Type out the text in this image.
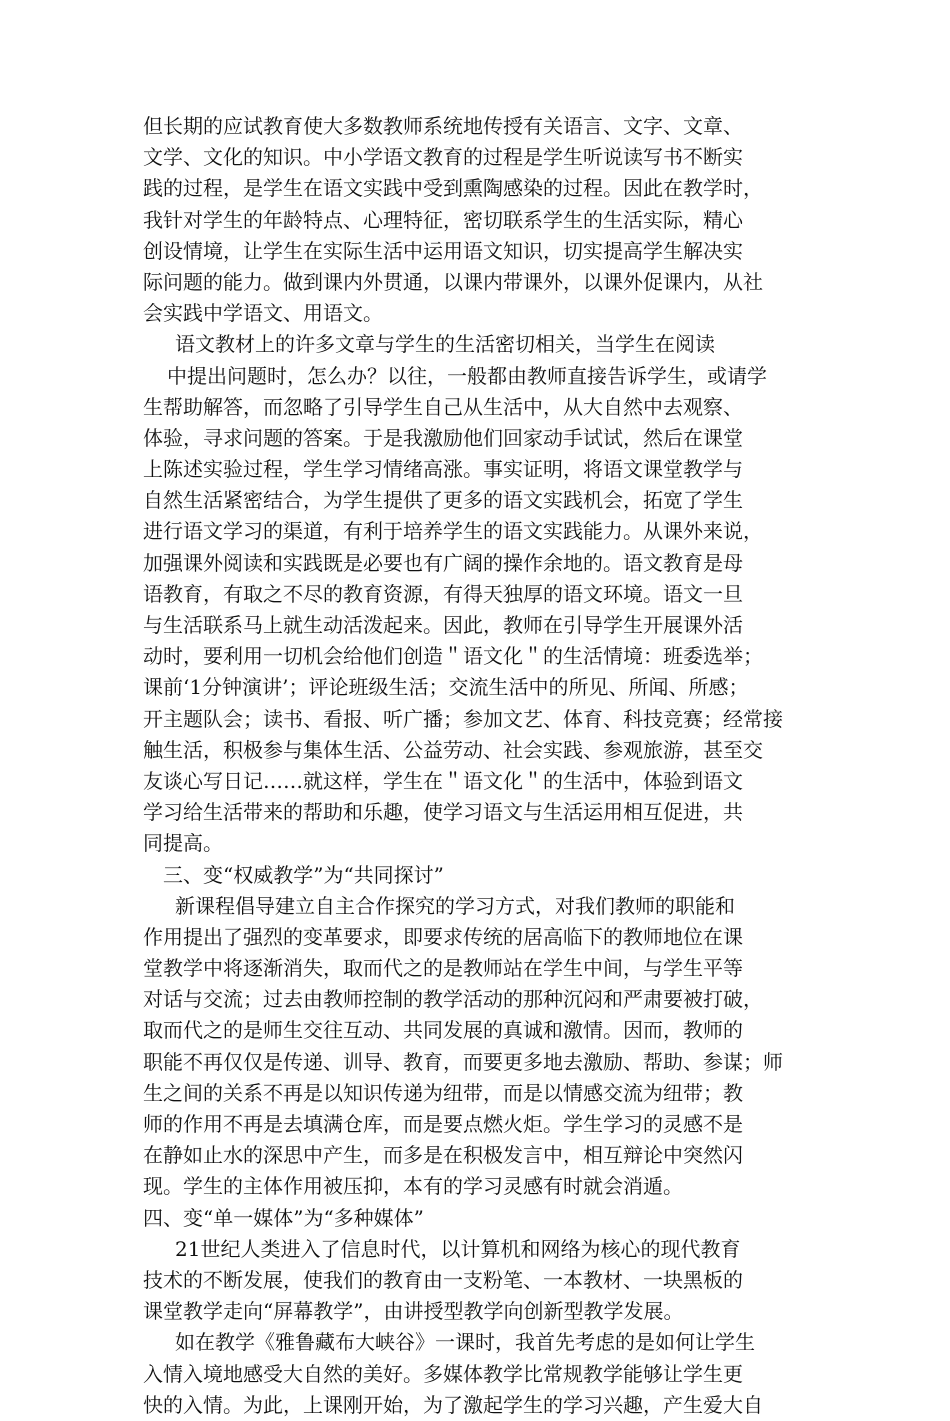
但长期的应试教育使大多数教师系统地传授有关语言、文字、文章、
文学、文化的知识。中小学语文教育的过程是学生听说读写书不断实
践的过程，是学生在语文实践中受到熏陶感染的过程。因此在教学时，
我针对学生的年龄特点、心理特征，密切联系学生的生活实际，精心
创设情境，让学生在实际生活中运用语文知识，切实提高学生解决实
际问题的能力。做到课内外贯通，以课内带课外，以课外促课内，从社
会实践中学语文、用语文。
语文教材上的许多文章与学生的生活密切相关，当学生在阅读
中提出问题时，怎么办？以往，一般都由教师直接告诉学生，或请学
生帮助解答，而忽略了引导学生自己从生活中，从大自然中去观察、
体验，寻求问题的答案。于是我激励他们回家动手试试，然后在课堂
上陈述实验过程，学生学习情绪高涨。事实证明，将语文课堂教学与
自然生活紧密结合，为学生提供了更多的语文实践机会，拓宽了学生
进行语文学习的渠道，有利于培养学生的语文实践能力。从课外来说，
加强课外阅读和实践既是必要也有广阔的操作余地的。语文教育是母
语教育，有取之不尽的教育资源，有得天独厚的语文环境。语文一旦
与生活联系马上就生动活泼起来。因此，教师在引导学生开展课外活
动时，要利用一切机会给他们创造＂语文化＂的生活情境：班委选举；
课前‘1分钟演讲’；评论班级生活；交流生活中的所见、所闻、所感；
开主题队会；读书、看报、听广播；参加文艺、体育、科技竞赛；经常接
触生活，积极参与集体生活、公益劳动、社会实践、参观旅游，甚至交
友谈心写日记……就这样，学生在＂语文化＂的生活中，体验到语文
学习给生活带来的帮助和乐趣，使学习语文与生活运用相互促进，共
同提高。
三、变“权威教学”为“共同探讨”
新课程倡导建立自主合作探究的学习方式，对我们教师的职能和
作用提出了强烈的变革要求，即要求传统的居高临下的教师地位在课
堂教学中将逐渐消失，取而代之的是教师站在学生中间，与学生平等
对话与交流；过去由教师控制的教学活动的那种沉闷和严肃要被打破，
取而代之的是师生交往互动、共同发展的真诚和激情。因而，教师的
职能不再仅仅是传递、训导、教育，而要更多地去激励、帮助、参谋；师
生之间的关系不再是以知识传递为纽带，而是以情感交流为纽带；教
师的作用不再是去填满仓库，而是要点燃火炬。学生学习的灵感不是
在静如止水的深思中产生，而多是在积极发言中，相互辩论中突然闪
现。学生的主体作用被压抑，本有的学习灵感有时就会消遁。
四、变“单一媒体”为“多种媒体”
21世纪人类进入了信息时代，以计算机和网络为核心的现代教育
技术的不断发展，使我们的教育由一支粉笔、一本教材、一块黑板的
课堂教学走向“屏幕教学”，由讲授型教学向创新型教学发展。
如在教学《雅鲁藏布大峡谷》一课时，我首先考虑的是如何让学生
入情入境地感受大自然的美好。多媒体教学比常规教学能够让学生更
快的入情。为此，上课刚开始，为了激起学生的学习兴趣，产生爱大自
